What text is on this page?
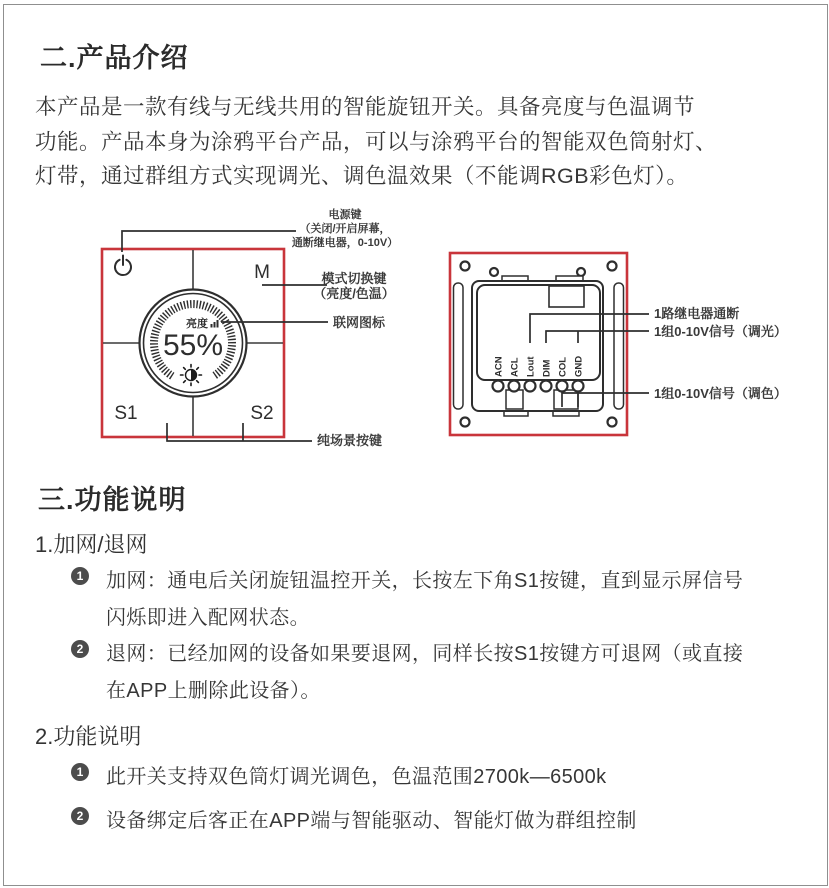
二.产品介绍
本产品是一款有线与无线共用的智能旋钮开关。具备亮度与色温调节
功能。产品本身为涂鸦平台产品，可以与涂鸦平台的智能双色筒射灯、
灯带，通过群组方式实现调光、调色温效果（不能调RGB彩色灯）。
M
S1	S2
亮度
55%
ACN ACL Lout DIM COL GND
电源键
（关闭/开启屏幕，
通断继电器，0-10V）
模式切换键
（亮度/色温）
联网图标
纯场景按键
1路继电器通断
1组0-10V信号（调光）
1组0-10V信号（调色）
三.功能说明
1.加网/退网
1 加网：通电后关闭旋钮温控开关，长按左下角S1按键，直到显示屏信号闪烁即进入配网状态。
2 退网：已经加网的设备如果要退网，同样长按S1按键方可退网（或直接在APP上删除此设备）。
2.功能说明
1 此开关支持双色筒灯调光调色，色温范围2700k—6500k
2 设备绑定后客正在APP端与智能驱动、智能灯做为群组控制
